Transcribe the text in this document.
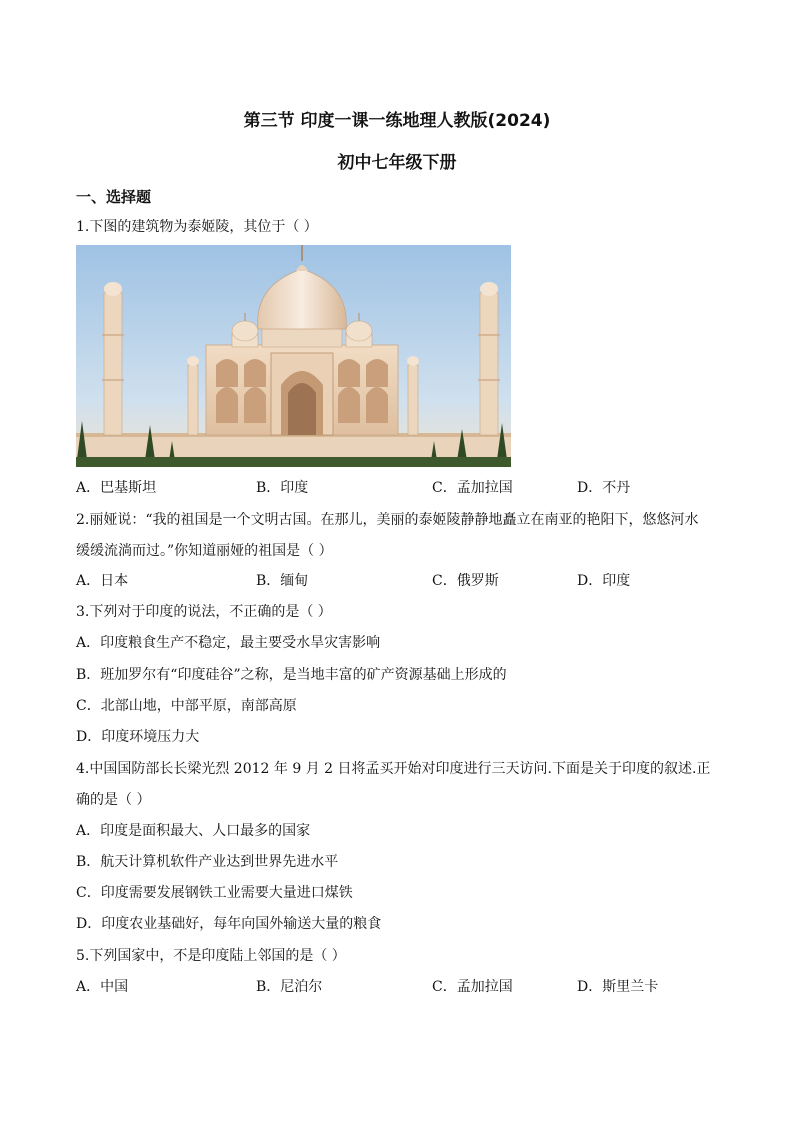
第三节 印度一课一练地理人教版(2024)
初中七年级下册
一、选择题
1.下图的建筑物为泰姬陵，其位于（ ）
A．巴基斯坦	B．印度	C．孟加拉国	D．不丹
2.丽娅说：“我的祖国是一个文明古国。在那儿，美丽的泰姬陵静静地矗立在南亚的艳阳下，悠悠河水
缓缓流淌而过。”你知道丽娅的祖国是（ ）
A．日本	B．缅甸	C．俄罗斯	D．印度
3.下列对于印度的说法，不正确的是（ ）
A．印度粮食生产不稳定，最主要受水旱灾害影响
B．班加罗尔有“印度硅谷”之称，是当地丰富的矿产资源基础上形成的
C．北部山地，中部平原，南部高原
D．印度环境压力大
4.中国国防部长长梁光烈 2012 年 9 月 2 日将孟买开始对印度进行三天访问.下面是关于印度的叙述.正
确的是（ ）
A．印度是面积最大、人口最多的国家
B．航天计算机软件产业达到世界先进水平
C．印度需要发展钢铁工业需要大量进口煤铁
D．印度农业基础好，每年向国外输送大量的粮食
5.下列国家中，不是印度陆上邻国的是（ ）
A．中国	B．尼泊尔	C．孟加拉国	D．斯里兰卡
